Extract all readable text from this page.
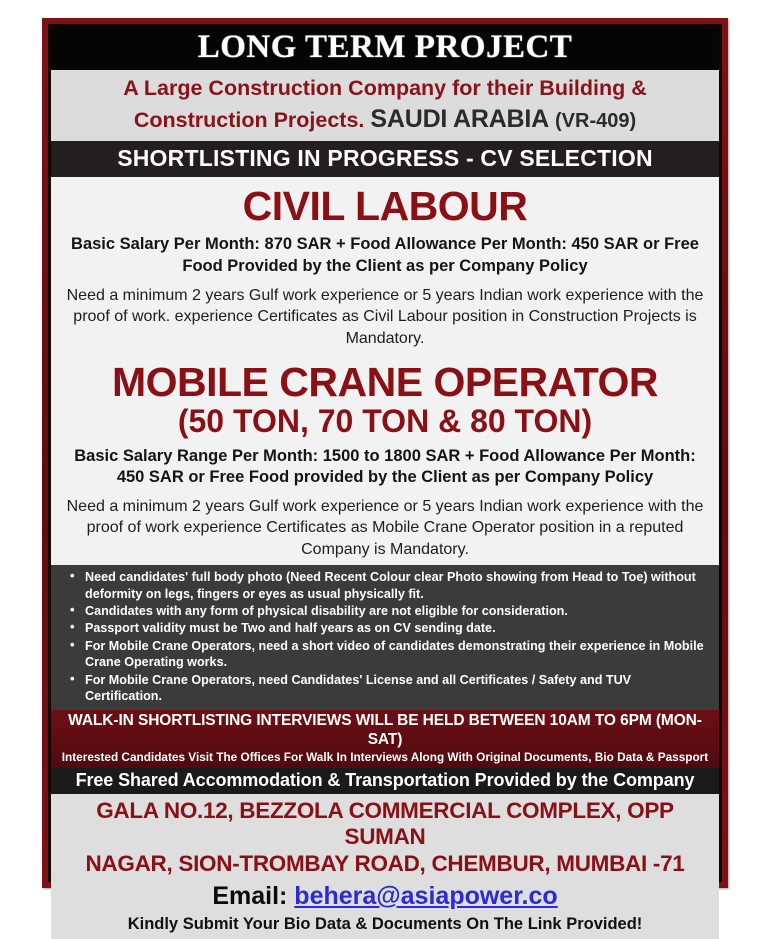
LONG TERM PROJECT
A Large Construction Company for their Building &
Construction Projects. SAUDI ARABIA (VR-409)
SHORTLISTING IN PROGRESS - CV SELECTION
CIVIL LABOUR
Basic Salary Per Month: 870 SAR + Food Allowance Per Month: 450 SAR or Free Food Provided by the Client as per Company Policy
Need a minimum 2 years Gulf work experience or 5 years Indian work experience with the proof of work. experience Certificates as Civil Labour position in Construction Projects is Mandatory.
MOBILE CRANE OPERATOR
(50 TON, 70 TON & 80 TON)
Basic Salary Range Per Month: 1500 to 1800 SAR + Food Allowance Per Month: 450 SAR or Free Food provided by the Client as per Company Policy
Need a minimum 2 years Gulf work experience or 5 years Indian work experience with the proof of work experience Certificates as Mobile Crane Operator position in a reputed Company is Mandatory.
• Need candidates' full body photo (Need Recent Colour clear Photo showing from Head to Toe) without deformity on legs, fingers or eyes as usual physically fit.
• Candidates with any form of physical disability are not eligible for consideration.
• Passport validity must be Two and half years as on CV sending date.
• For Mobile Crane Operators, need a short video of candidates demonstrating their experience in Mobile Crane Operating works.
• For Mobile Crane Operators, need Candidates' License and all Certificates / Safety and TUV Certification.
WALK-IN SHORTLISTING INTERVIEWS WILL BE HELD BETWEEN 10AM TO 6PM (MON-SAT)
Interested Candidates Visit The Offices For Walk In Interviews Along With Original Documents, Bio Data & Passport
Free Shared Accommodation & Transportation Provided by the Company
GALA NO.12, BEZZOLA COMMERCIAL COMPLEX, OPP SUMAN
NAGAR, SION-TROMBAY ROAD, CHEMBUR, MUMBAI -71
Email: behera@asiapower.co
Kindly Submit Your Bio Data & Documents On The Link Provided!
